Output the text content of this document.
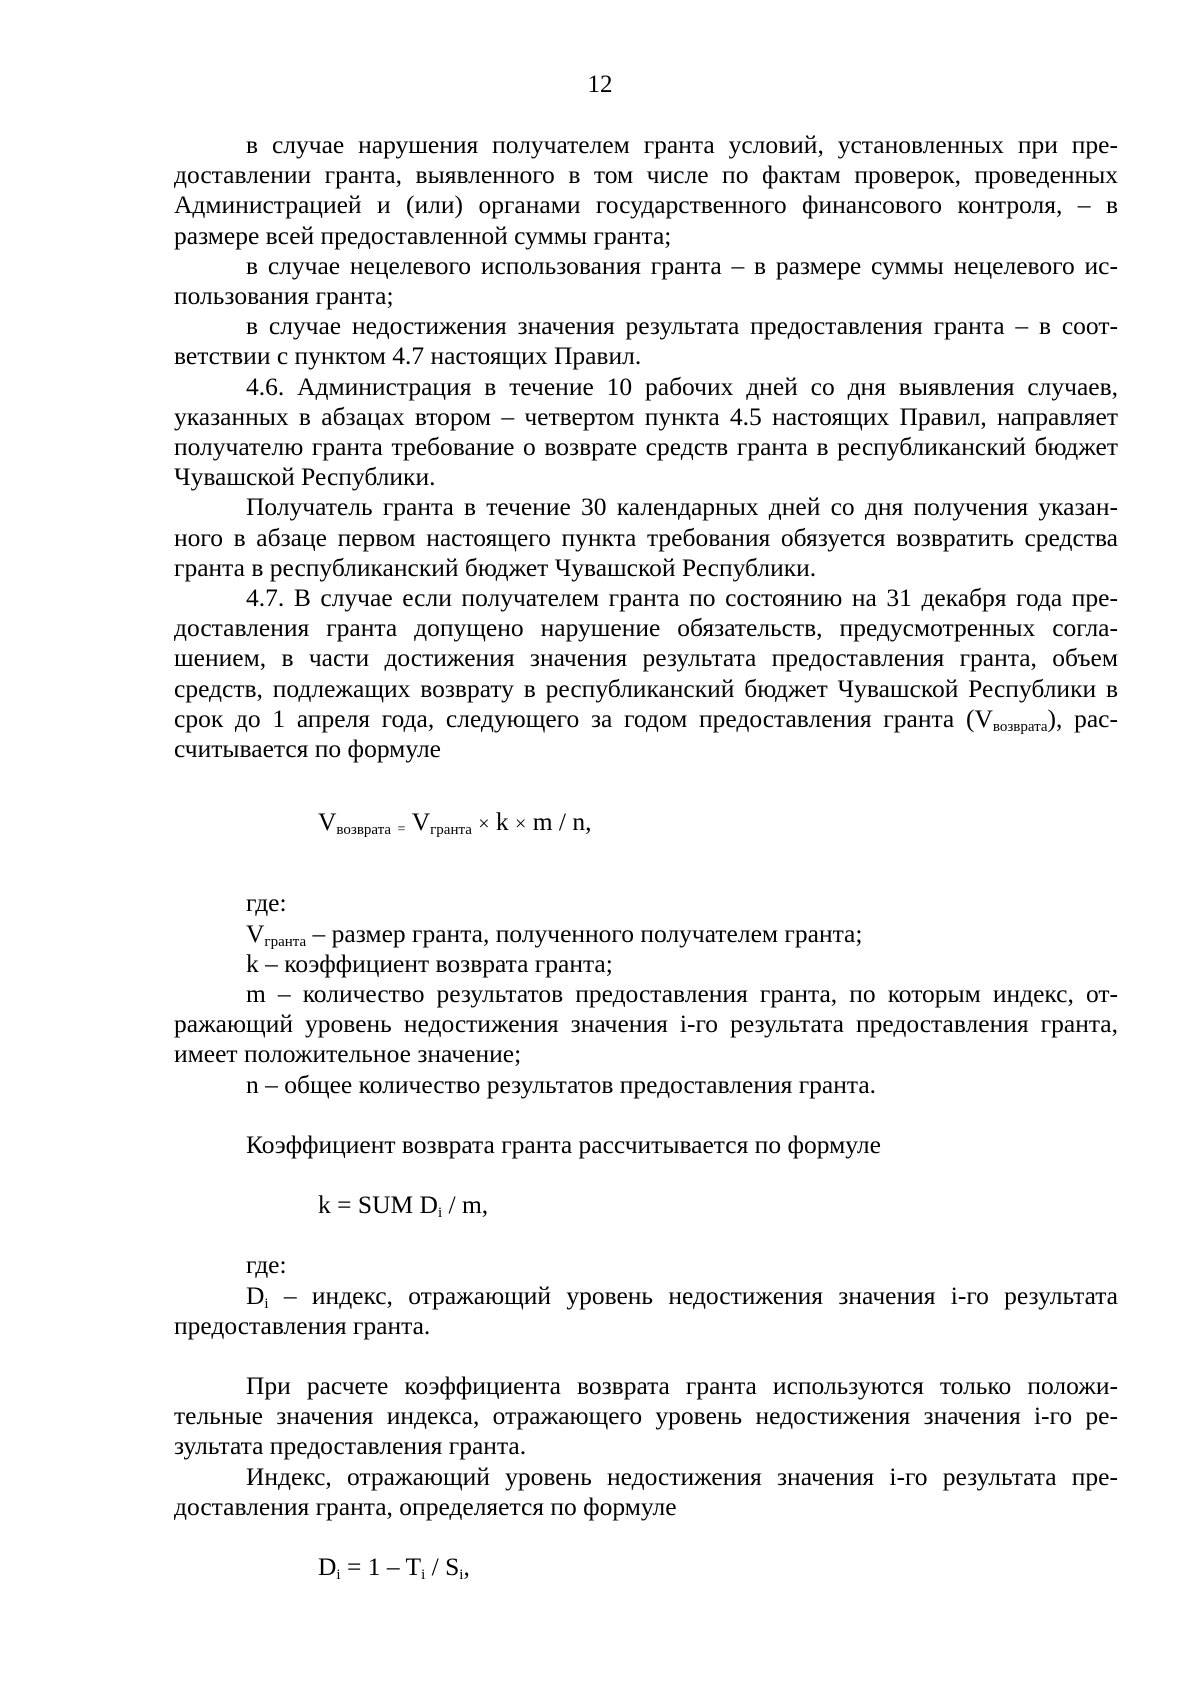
12

в случае нарушения получателем гранта условий, установленных при предоставлении гранта, выявленного в том числе по фактам проверок, проведенных Администрацией и (или) органами государственного финансового контроля, – в размере всей предоставленной суммы гранта;

в случае нецелевого использования гранта – в размере суммы нецелевого использования гранта;

в случае недостижения значения результата предоставления гранта – в соответствии с пунктом 4.7 настоящих Правил.

4.6. Администрация в течение 10 рабочих дней со дня выявления случаев, указанных в абзацах втором – четвертом пункта 4.5 настоящих Правил, направляет получателю гранта требование о возврате средств гранта в республиканский бюджет Чувашской Республики.

Получатель гранта в течение 30 календарных дней со дня получения указанного в абзаце первом настоящего пункта требования обязуется возвратить средства гранта в республиканский бюджет Чувашской Республики.

4.7. В случае если получателем гранта по состоянию на 31 декабря года предоставления гранта допущено нарушение обязательств, предусмотренных соглашением, в части достижения значения результата предоставления гранта, объем средств, подлежащих возврату в республиканский бюджет Чувашской Республики в срок до 1 апреля года, следующего за годом предоставления гранта $(V_{возврата})$, рассчитывается по формуле

$V_{возврата} = V_{гранта} \times k \times m / n$,

где:

$V_{гранта}$ – размер гранта, полученного получателем гранта;

k – коэффициент возврата гранта;

m – количество результатов предоставления гранта, по которым индекс, отражающий уровень недостижения значения i-го результата предоставления гранта, имеет положительное значение;

n – общее количество результатов предоставления гранта.

Коэффициент возврата гранта рассчитывается по формуле

k = SUM $D_i$ / m,

где:

$D_i$ – индекс, отражающий уровень недостижения значения i-го результата предоставления гранта.

При расчете коэффициента возврата гранта используются только положительные значения индекса, отражающего уровень недостижения значения i-го результата предоставления гранта.

Индекс, отражающий уровень недостижения значения i-го результата предоставления гранта, определяется по формуле

$D_i = 1 - T_i / S_i$,
